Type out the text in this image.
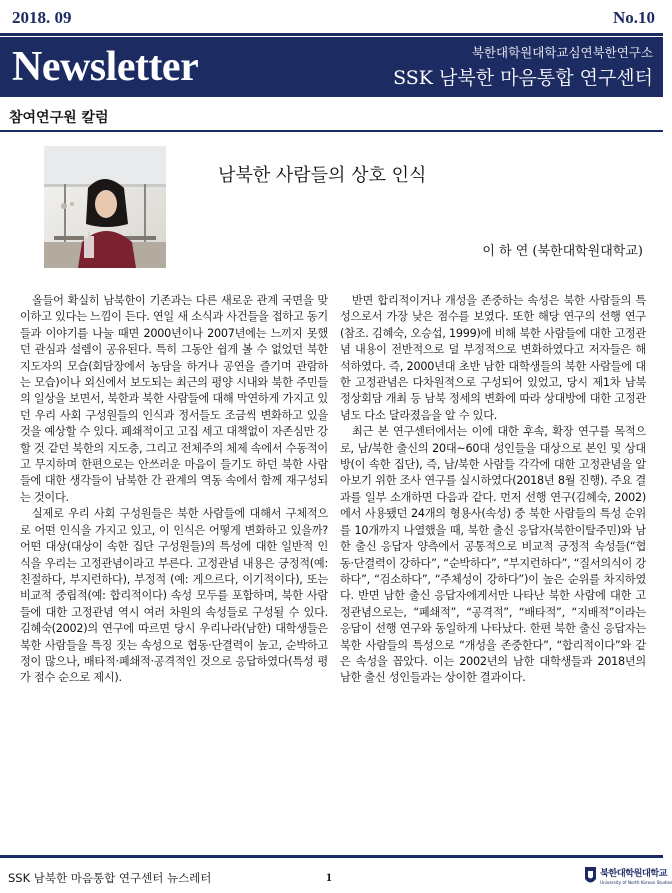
2018. 09	No.10
Newsletter	북한대학원대학교심연북한연구소
SSK 남북한 마음통합 연구센터
참여연구원 칼럼
남북한 사람들의 상호 인식
이 하 연 (북한대학원대학교)

올들어 확실히 남북한이 기존과는 다른 새로운 관계 국면을 맞이하고 있다는 느낌이 든다. 연일 새 소식과 사건들을 접하고 동기들과 이야기를 나눌 때면 2000년이나 2007년에는 느끼지 못했던 관심과 설렘이 공유된다. 특히 그동안 쉽게 볼 수 없었던 북한 지도자의 모습(회담장에서 농담을 하거나 공연을 즐기며 관람하는 모습)이나 외신에서 보도되는 최근의 평양 시내와 북한 주민들의 일상을 보면서, 북한과 북한 사람들에 대해 막연하게 가지고 있던 우리 사회 구성원들의 인식과 정서들도 조금씩 변화하고 있을 것을 예상할 수 있다. 폐쇄적이고 고집 세고 대책없이 자존심만 강할 것 같던 북한의 지도층, 그리고 전체주의 체제 속에서 수동적이고 무지하며 한편으로는 안쓰러운 마음이 들기도 하던 북한 사람들에 대한 생각들이 남북한 간 관계의 역동 속에서 함께 재구성되는 것이다.

실제로 우리 사회 구성원들은 북한 사람들에 대해서 구체적으로 어떤 인식을 가지고 있고, 이 인식은 어떻게 변화하고 있을까? 어떤 대상(대상이 속한 집단 구성원들)의 특성에 대한 일반적 인식을 우리는 고정관념이라고 부른다. 고정관념 내용은 긍정적(예: 친절하다, 부지런하다), 부정적 (예: 게으르다, 이기적이다), 또는 비교적 중립적(예: 합리적이다) 속성 모두를 포함하며, 북한 사람들에 대한 고정관념 역시 여러 차원의 속성들로 구성될 수 있다. 김혜숙(2002)의 연구에 따르면 당시 우리나라(남한) 대학생들은 북한 사람들을 특징 짓는 속성으로 협동·단결력이 높고, 순박하고 정이 많으나, 배타적·폐쇄적·공격적인 것으로 응답하였다(특성 평가 점수 순으로 제시).

반면 합리적이거나 개성을 존중하는 속성은 북한 사람들의 특성으로서 가장 낮은 점수를 보였다. 또한 해당 연구의 선행 연구(참조. 김혜숙, 오승섭, 1999)에 비해 북한 사람들에 대한 고정관념 내용이 전반적으로 덜 부정적으로 변화하였다고 저자들은 해석하였다. 즉, 2000년대 초반 남한 대학생들의 북한 사람들에 대한 고정관념은 다차원적으로 구성되어 있었고, 당시 제1차 남북정상회담 개최 등 남북 정세의 변화에 따라 상대방에 대한 고정관념도 다소 달라졌음을 알 수 있다.

최근 본 연구센터에서는 이에 대한 후속, 확장 연구를 목적으로, 남/북한 출신의 20대~60대 성인들을 대상으로 본인 및 상대방(이 속한 집단), 즉, 남/북한 사람들 각각에 대한 고정관념을 알아보기 위한 조사 연구를 실시하였다(2018년 8월 진행). 주요 결과를 일부 소개하면 다음과 같다. 먼저 선행 연구(김혜숙, 2002)에서 사용됐던 24개의 형용사(속성) 중 북한 사람들의 특성 순위를 10개까지 나열했을 때, 북한 출신 응답자(북한이탈주민)와 남한 출신 응답자 양측에서 공통적으로 비교적 긍정적 속성들(“협동·단결력이 강하다”, “순박하다”, “부지런하다”, “질서의식이 강하다”, “검소하다”, “주체성이 강하다”)이 높은 순위를 차지하였다. 반면 남한 출신 응답자에게서만 나타난 북한 사람에 대한 고정관념으로는, “폐쇄적”, “공격적”, “배타적”, “지배적”이라는 응답이 선행 연구와 동일하게 나타났다. 한편 북한 출신 응답자는 북한 사람들의 특성으로 “개성을 존중한다”, “합리적이다”와 같은 속성을 꼽았다. 이는 2002년의 남한 대학생들과 2018년의 남한 출신 성인들과는 상이한 결과이다.

SSK 남북한 마음통합 연구센터 뉴스레터	1	북한대학원대학교
University of North Korean Studies
